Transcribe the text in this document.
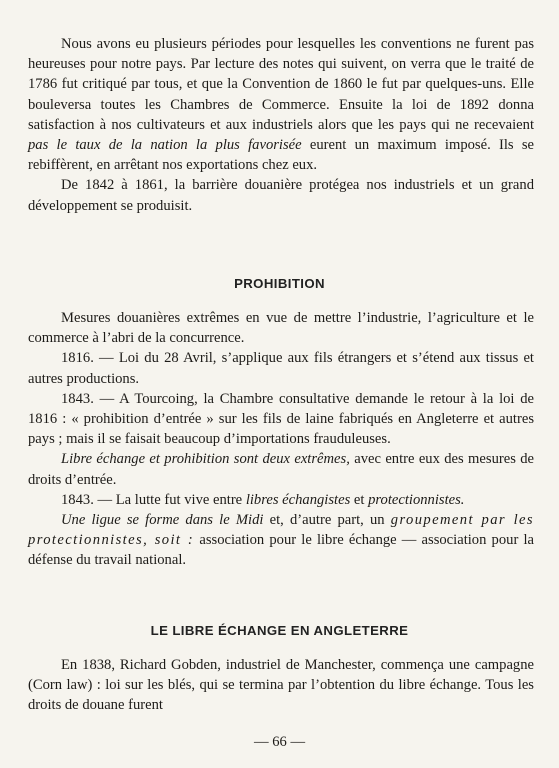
Nous avons eu plusieurs périodes pour lesquelles les conventions ne furent pas heureuses pour notre pays. Par lecture des notes qui suivent, on verra que le traité de 1786 fut critiqué par tous, et que la Convention de 1860 le fut par quelques-uns. Elle bouleversa toutes les Chambres de Commerce. Ensuite la loi de 1892 donna satisfaction à nos cultivateurs et aux industriels alors que les pays qui ne recevaient pas le taux de la nation la plus favorisée eurent un maximum imposé. Ils se rebiffèrent, en arrêtant nos exportations chez eux.

De 1842 à 1861, la barrière douanière protégea nos industriels et un grand développement se produisit.

PROHIBITION

Mesures douanières extrêmes en vue de mettre l’industrie, l’agriculture et le commerce à l’abri de la concurrence.

1816. — Loi du 28 Avril, s’applique aux fils étrangers et s’étend aux tissus et autres productions.

1843. — A Tourcoing, la Chambre consultative demande le retour à la loi de 1816 : « prohibition d’entrée » sur les fils de laine fabriqués en Angleterre et autres pays ; mais il se faisait beaucoup d’importations frauduleuses.

Libre échange et prohibition sont deux extrêmes, avec entre eux des mesures de droits d’entrée.

1843. — La lutte fut vive entre libres échangistes et protectionnistes.

Une ligue se forme dans le Midi et, d’autre part, un groupement par les protectionnistes, soit : association pour le libre échange — association pour la défense du travail national.

LE LIBRE ÉCHANGE EN ANGLETERRE

En 1838, Richard Gobden, industriel de Manchester, commença une campagne (Corn law) : loi sur les blés, qui se termina par l’obtention du libre échange. Tous les droits de douane furent

— 66 —
